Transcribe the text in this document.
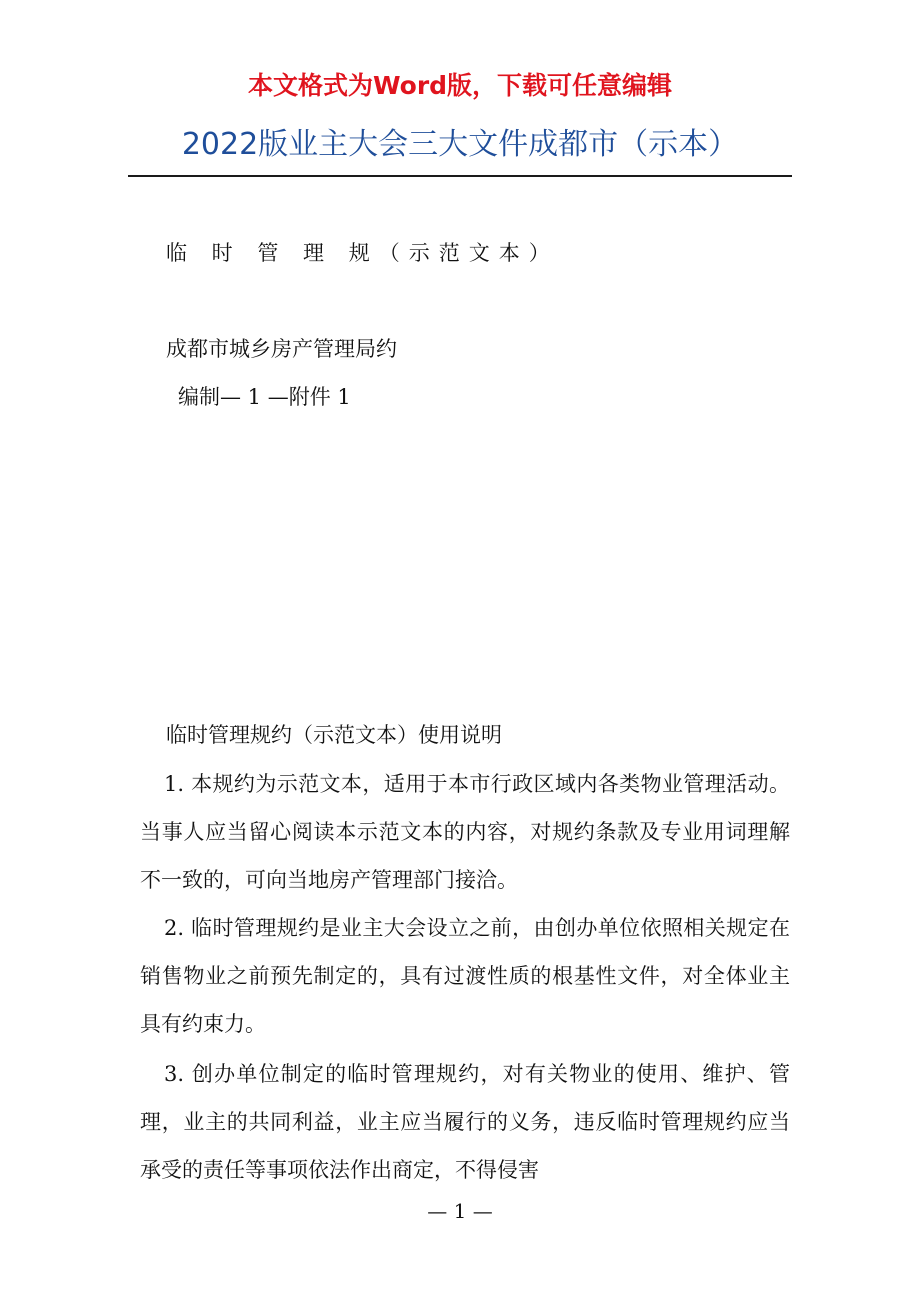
本文格式为Word版，下载可任意编辑
2022版业主大会三大文件成都市（示本）
临 时 管 理 规（示范文本）
成都市城乡房产管理局约
编制— 1 —附件 1
临时管理规约（示范文本）使用说明
1. 本规约为示范文本，适用于本市行政区域内各类物业管理活动。当事人应当留心阅读本示范文本的内容，对规约条款及专业用词理解不一致的，可向当地房产管理部门接洽。
2. 临时管理规约是业主大会设立之前，由创办单位依照相关规定在销售物业之前预先制定的，具有过渡性质的根基性文件，对全体业主具有约束力。
3. 创办单位制定的临时管理规约，对有关物业的使用、维护、管理，业主的共同利益，业主应当履行的义务，违反临时管理规约应当承受的责任等事项依法作出商定，不得侵害
— 1 —
